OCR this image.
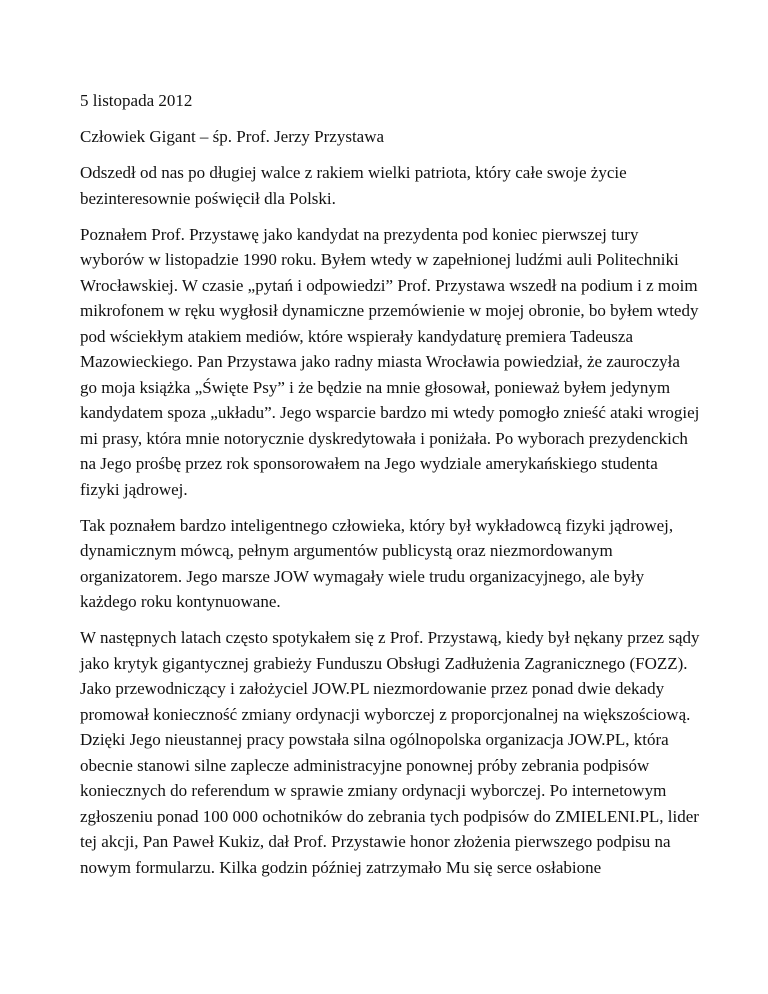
5 listopada 2012

Człowiek Gigant – śp. Prof. Jerzy Przystawa

Odszedł od nas po długiej walce z rakiem wielki patriota, który całe swoje życie bezinteresownie poświęcił dla Polski.

Poznałem Prof. Przystawę jako kandydat na prezydenta pod koniec pierwszej tury wyborów w listopadzie 1990 roku. Byłem wtedy w zapełnionej ludźmi auli Politechniki Wrocławskiej. W czasie „pytań i odpowiedzi” Prof. Przystawa wszedł na podium i z moim mikrofonem w ręku wygłosił dynamiczne przemówienie w mojej obronie, bo byłem wtedy pod wściekłym atakiem mediów, które wspierały kandydaturę premiera Tadeusza Mazowieckiego. Pan Przystawa jako radny miasta Wrocławia powiedział, że zauroczyła go moja książka „Święte Psy” i że będzie na mnie głosował, ponieważ byłem jedynym kandydatem spoza „układu”. Jego wsparcie bardzo mi wtedy pomogło znieść ataki wrogiej mi prasy, która mnie notorycznie dyskredytowała i poniżała. Po wyborach prezydenckich na Jego prośbę przez rok sponsorowałem na Jego wydziale amerykańskiego studenta fizyki jądrowej.

Tak poznałem bardzo inteligentnego człowieka, który był wykładowcą fizyki jądrowej, dynamicznym mówcą, pełnym argumentów publicystą oraz niezmordowanym organizatorem. Jego marsze JOW wymagały wiele trudu organizacyjnego, ale były każdego roku kontynuowane.

W następnych latach często spotykałem się z Prof. Przystawą, kiedy był nękany przez sądy jako krytyk gigantycznej grabieży Funduszu Obsługi Zadłużenia Zagranicznego (FOZZ). Jako przewodniczący i założyciel JOW.PL niezmordowanie przez ponad dwie dekady promował konieczność zmiany ordynacji wyborczej z proporcjonalnej na większościową. Dzięki Jego nieustannej pracy powstała silna ogólnopolska organizacja JOW.PL, która obecnie stanowi silne zaplecze administracyjne ponownej próby zebrania podpisów koniecznych do referendum w sprawie zmiany ordynacji wyborczej. Po internetowym zgłoszeniu ponad 100 000 ochotników do zebrania tych podpisów do ZMIELENI.PL, lider tej akcji, Pan Paweł Kukiz, dał Prof. Przystawie honor złożenia pierwszego podpisu na nowym formularzu. Kilka godzin później zatrzymało Mu się serce osłabione
